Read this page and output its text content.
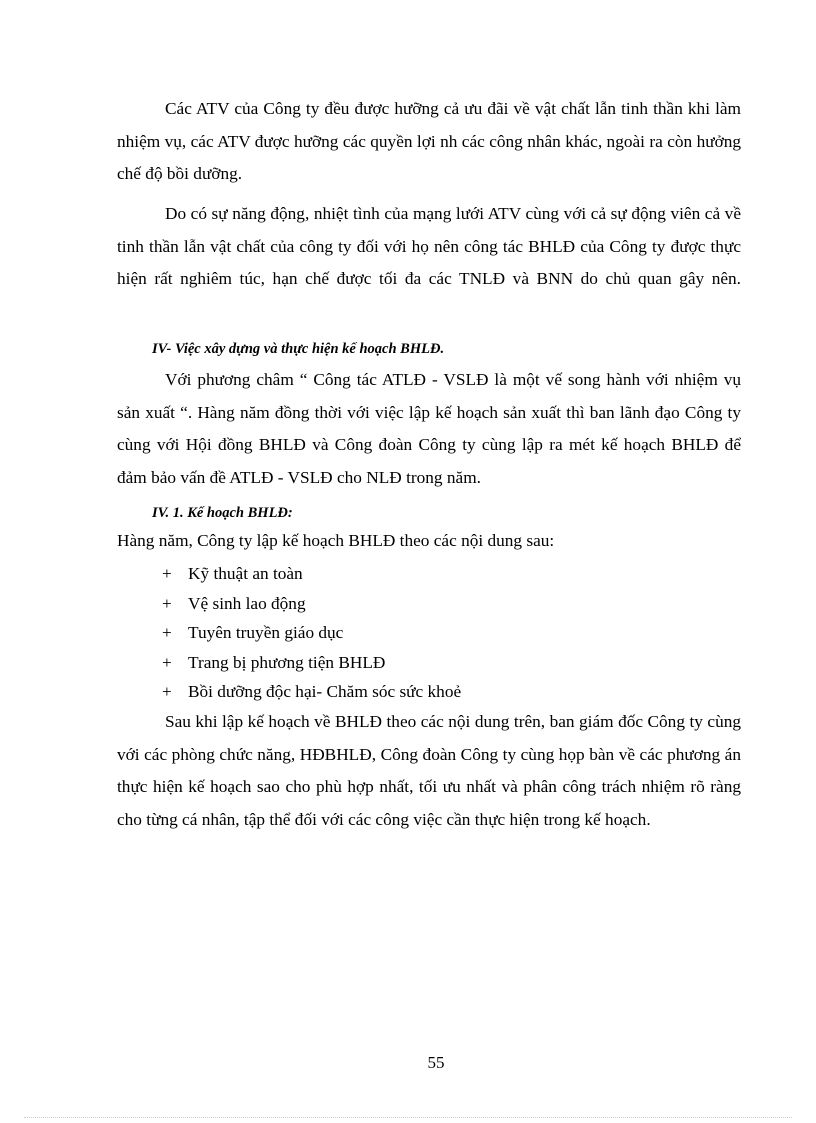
Các ATV của Công ty đều được hưỡng cả ưu đãi về vật chất lẫn tinh thần khi làm nhiệm vụ, các ATV được hưỡng các quyền lợi nh các công nhân khác, ngoài ra còn hưởng chế độ bồi dưỡng.

Do có sự năng động, nhiệt tình của mạng lưới ATV cùng với cả sự động viên cả về tinh thần lẫn vật chất của công ty đối với họ nên công tác BHLĐ của Công ty được thực hiện rất nghiêm túc, hạn chế được tối đa các TNLĐ và BNN do chủ quan gây nên.

IV- Việc xây dựng và thực hiện kế hoạch BHLĐ.

Với phương châm “ Công tác ATLĐ - VSLĐ là một vế song hành với nhiệm vụ sản xuất “. Hàng năm đồng thời với việc lập kế hoạch sản xuất thì ban lãnh đạo Công ty cùng với Hội đồng BHLĐ và Công đoàn Công ty cùng lập ra mét kế hoạch BHLĐ để đảm bảo vấn đề ATLĐ - VSLĐ cho NLĐ trong năm.

IV. 1. Kế hoạch BHLĐ:

Hàng năm, Công ty lập kế hoạch BHLĐ theo các nội dung sau:

+ Kỹ thuật an toàn
+ Vệ sinh lao động
+ Tuyên truyền giáo dục
+ Trang bị phương tiện BHLĐ
+ Bồi dưỡng độc hại- Chăm sóc sức khoẻ

Sau khi lập kế hoạch về BHLĐ theo các nội dung trên, ban giám đốc Công ty cùng với các phòng chức năng, HĐBHLĐ, Công đoàn Công ty cùng họp bàn về các phương án thực hiện kế hoạch sao cho phù hợp nhất, tối ưu nhất và phân công trách nhiệm rõ ràng cho từng cá nhân, tập thể đối với các công việc cần thực hiện trong kế hoạch.

55
